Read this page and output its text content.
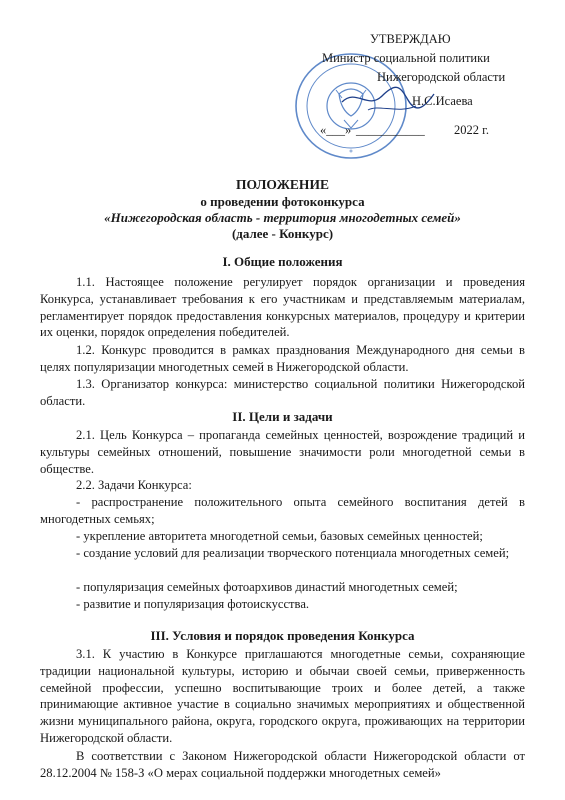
УТВЕРЖДАЮ
Министр социальной политики
Нижегородской области
Н.С.Исаева
«___» ___________ 2022 г.
ПОЛОЖЕНИЕ
о проведении фотоконкурса
«Нижегородская область - территория многодетных семей»
(далее - Конкурс)
I. Общие положения
1.1. Настоящее положение регулирует порядок организации и проведения Конкурса, устанавливает требования к его участникам и представляемым материалам, регламентирует порядок предоставления конкурсных материалов, процедуру и критерии их оценки, порядок определения победителей.
1.2. Конкурс проводится в рамках празднования Международного дня семьи в целях популяризации многодетных семей в Нижегородской области.
1.3. Организатор конкурса: министерство социальной политики Нижегородской области.
II. Цели и задачи
2.1. Цель Конкурса – пропаганда семейных ценностей, возрождение традиций и культуры семейных отношений, повышение значимости роли многодетной семьи в обществе.
2.2. Задачи Конкурса:
- распространение положительного опыта семейного воспитания детей в многодетных семьях;
- укрепление авторитета многодетной семьи, базовых семейных ценностей;
- создание условий для реализации творческого потенциала многодетных семей;
- популяризация семейных фотоархивов династий многодетных семей;
- развитие и популяризация фотоискусства.
III. Условия и порядок проведения Конкурса
3.1. К участию в Конкурсе приглашаются многодетные семьи, сохраняющие традиции национальной культуры, историю и обычаи своей семьи, приверженность семейной профессии, успешно воспитывающие троих и более детей, а также принимающие активное участие в социально значимых мероприятиях и общественной жизни муниципального района, округа, городского округа, проживающих на территории Нижегородской области.
В соответствии с Законом Нижегородской области Нижегородской области от 28.12.2004 № 158-З «О мерах социальной поддержки многодетных семей»
